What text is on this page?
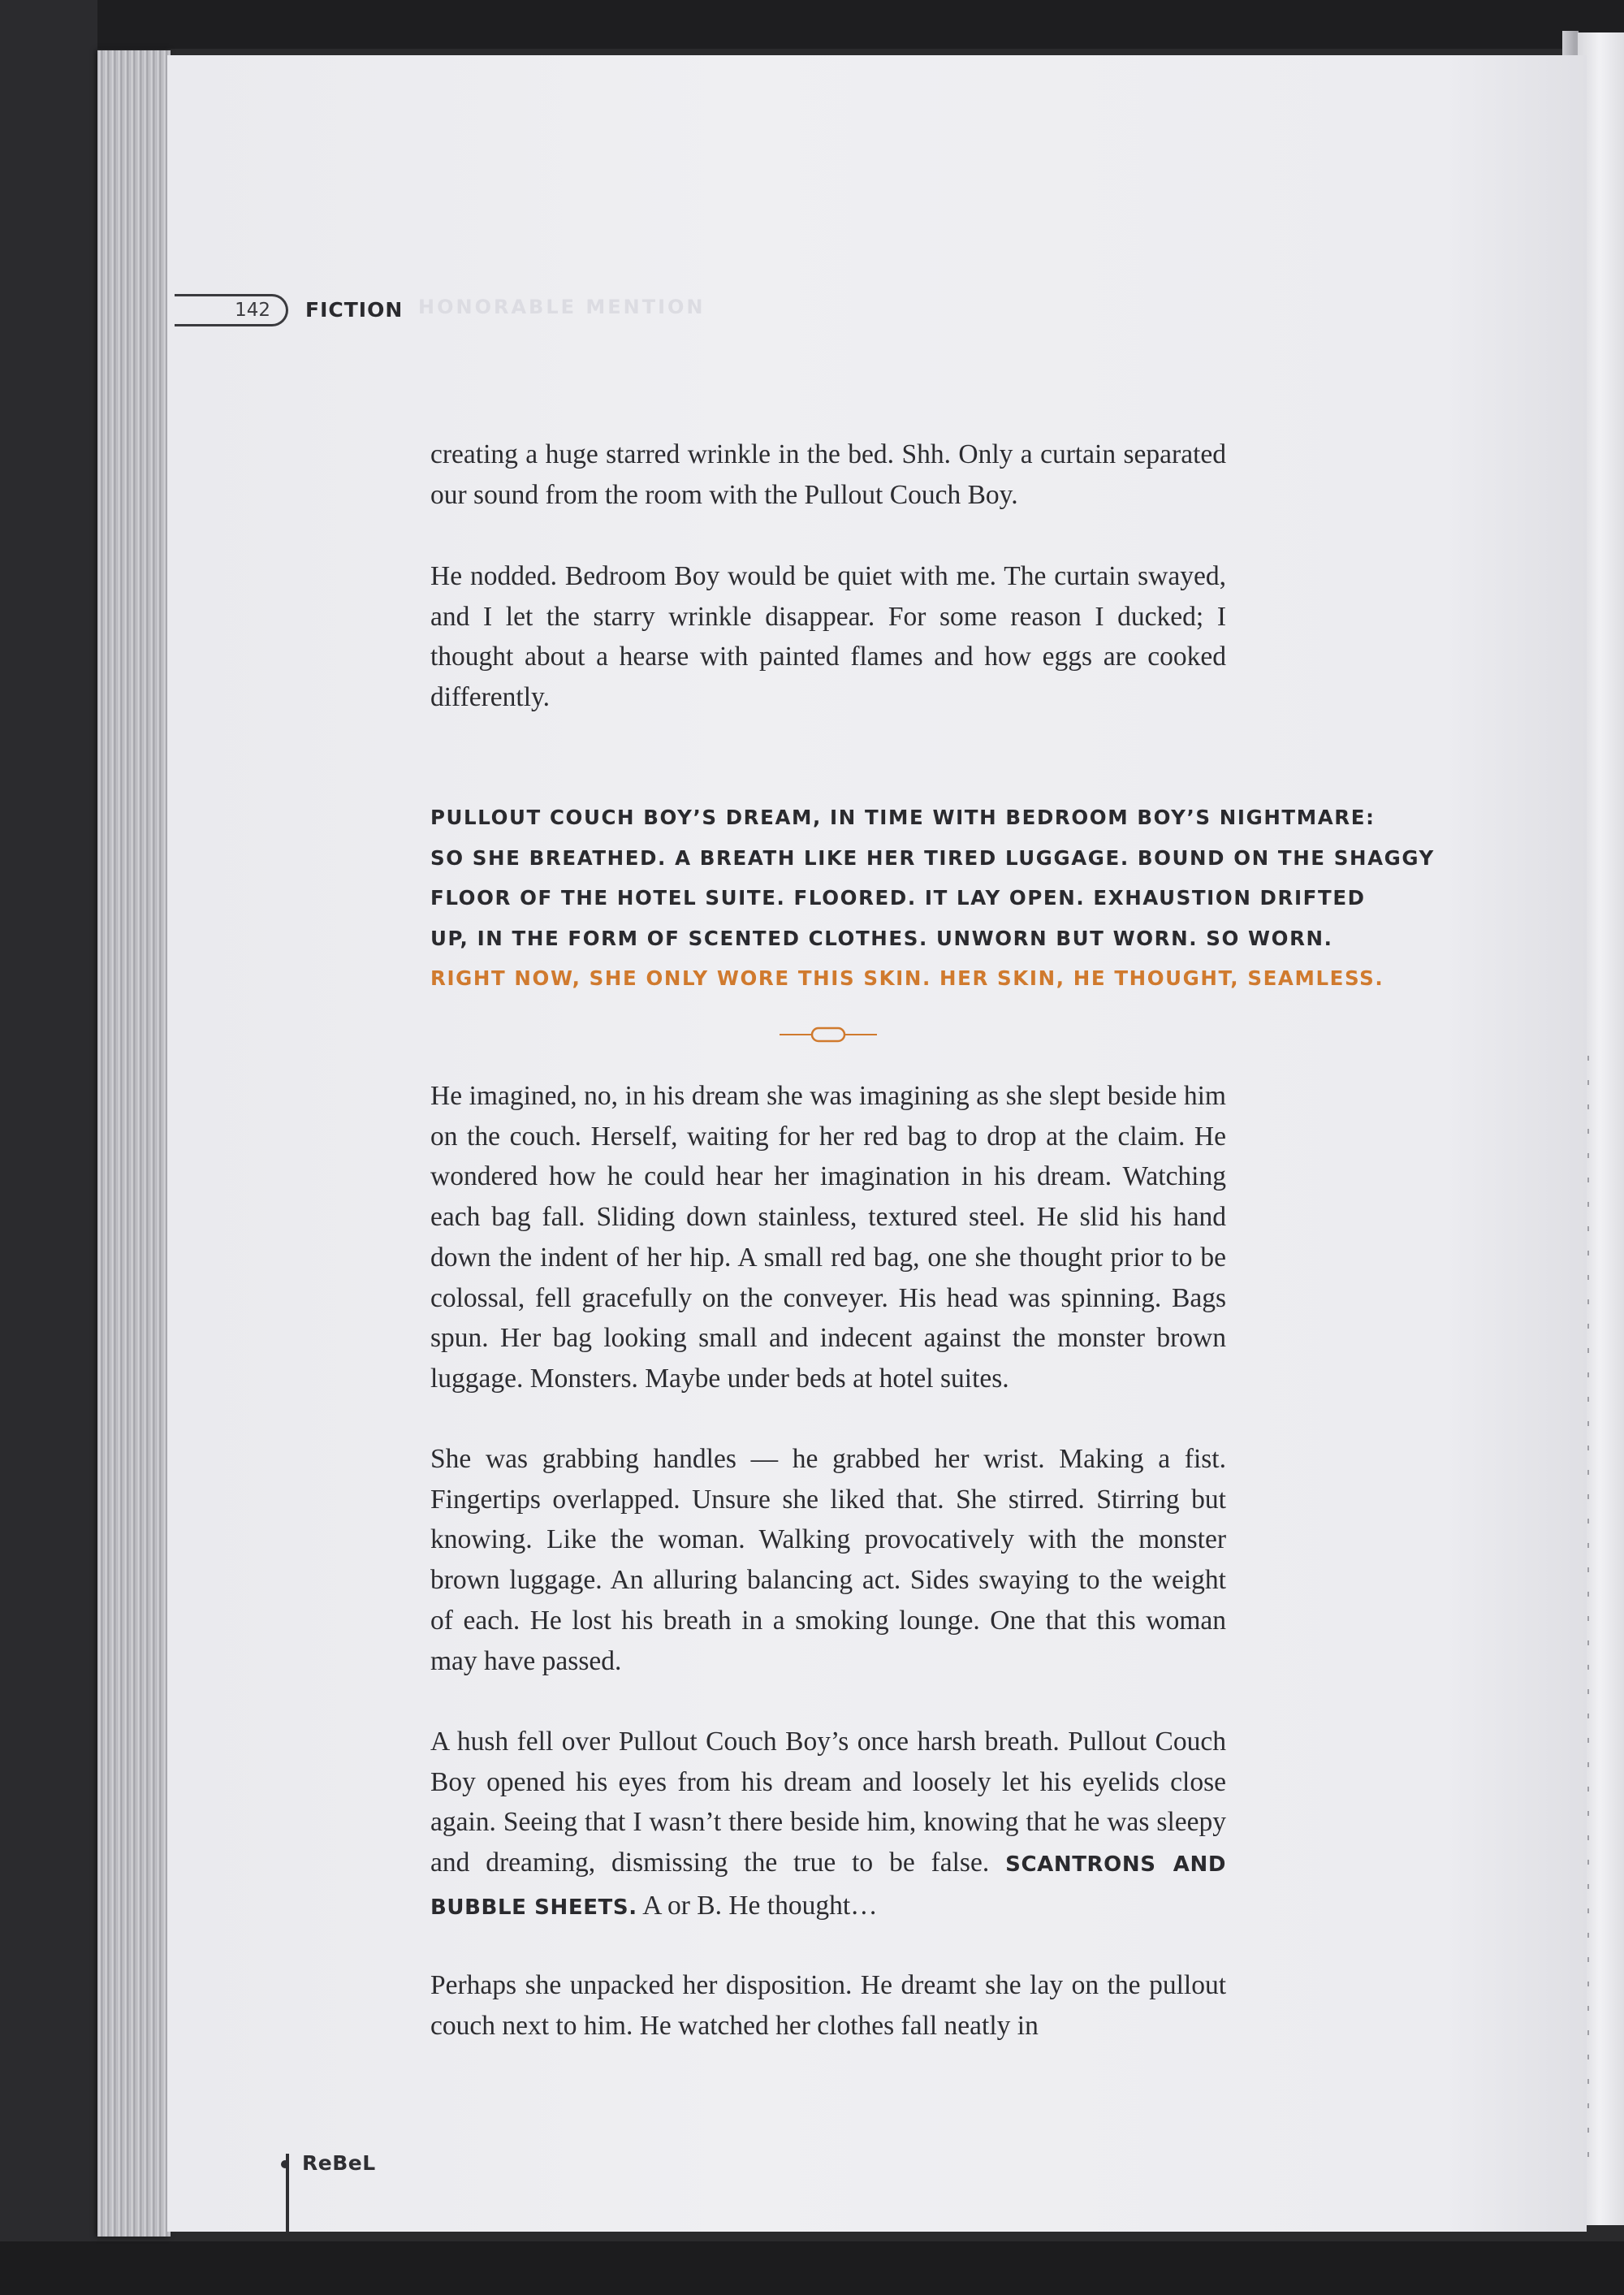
142 FICTION HONORABLE MENTION

creating a huge starred wrinkle in the bed. Shh. Only a curtain separated our sound from the room with the Pullout Couch Boy.

He nodded. Bedroom Boy would be quiet with me. The curtain swayed, and I let the starry wrinkle disappear. For some reason I ducked; I thought about a hearse with painted flames and how eggs are cooked differently.

PULLOUT COUCH BOY’S DREAM, IN TIME WITH BEDROOM BOY’S NIGHTMARE:

SO SHE BREATHED. A BREATH LIKE HER TIRED LUGGAGE. BOUND ON THE SHAGGY

FLOOR OF THE HOTEL SUITE. FLOORED. IT LAY OPEN. EXHAUSTION DRIFTED

UP, IN THE FORM OF SCENTED CLOTHES. UNWORN BUT WORN. SO WORN.

RIGHT NOW, SHE ONLY WORE THIS SKIN. HER SKIN, HE THOUGHT, SEAMLESS.

He imagined, no, in his dream she was imagining as she slept beside him on the couch. Herself, waiting for her red bag to drop at the claim. He wondered how he could hear her imagination in his dream. Watching each bag fall. Sliding down stainless, textured steel. He slid his hand down the indent of her hip. A small red bag, one she thought prior to be colossal, fell gracefully on the conveyer. His head was spinning. Bags spun. Her bag looking small and indecent against the monster brown luggage. Monsters. Maybe under beds at hotel suites.

She was grabbing handles — he grabbed her wrist. Making a fist. Fingertips overlapped. Unsure she liked that. She stirred. Stirring but knowing. Like the woman. Walking provocatively with the monster brown luggage. An alluring balancing act. Sides swaying to the weight of each. He lost his breath in a smoking lounge. One that this woman may have passed.

A hush fell over Pullout Couch Boy’s once harsh breath. Pullout Couch Boy opened his eyes from his dream and loosely let his eyelids close again. Seeing that I wasn’t there beside him, knowing that he was sleepy and dreaming, dismissing the true to be false. SCANTRONS AND BUBBLE SHEETS. A or B. He thought…

Perhaps she unpacked her disposition. He dreamt she lay on the pullout couch next to him. He watched her clothes fall neatly in

ReBeL
